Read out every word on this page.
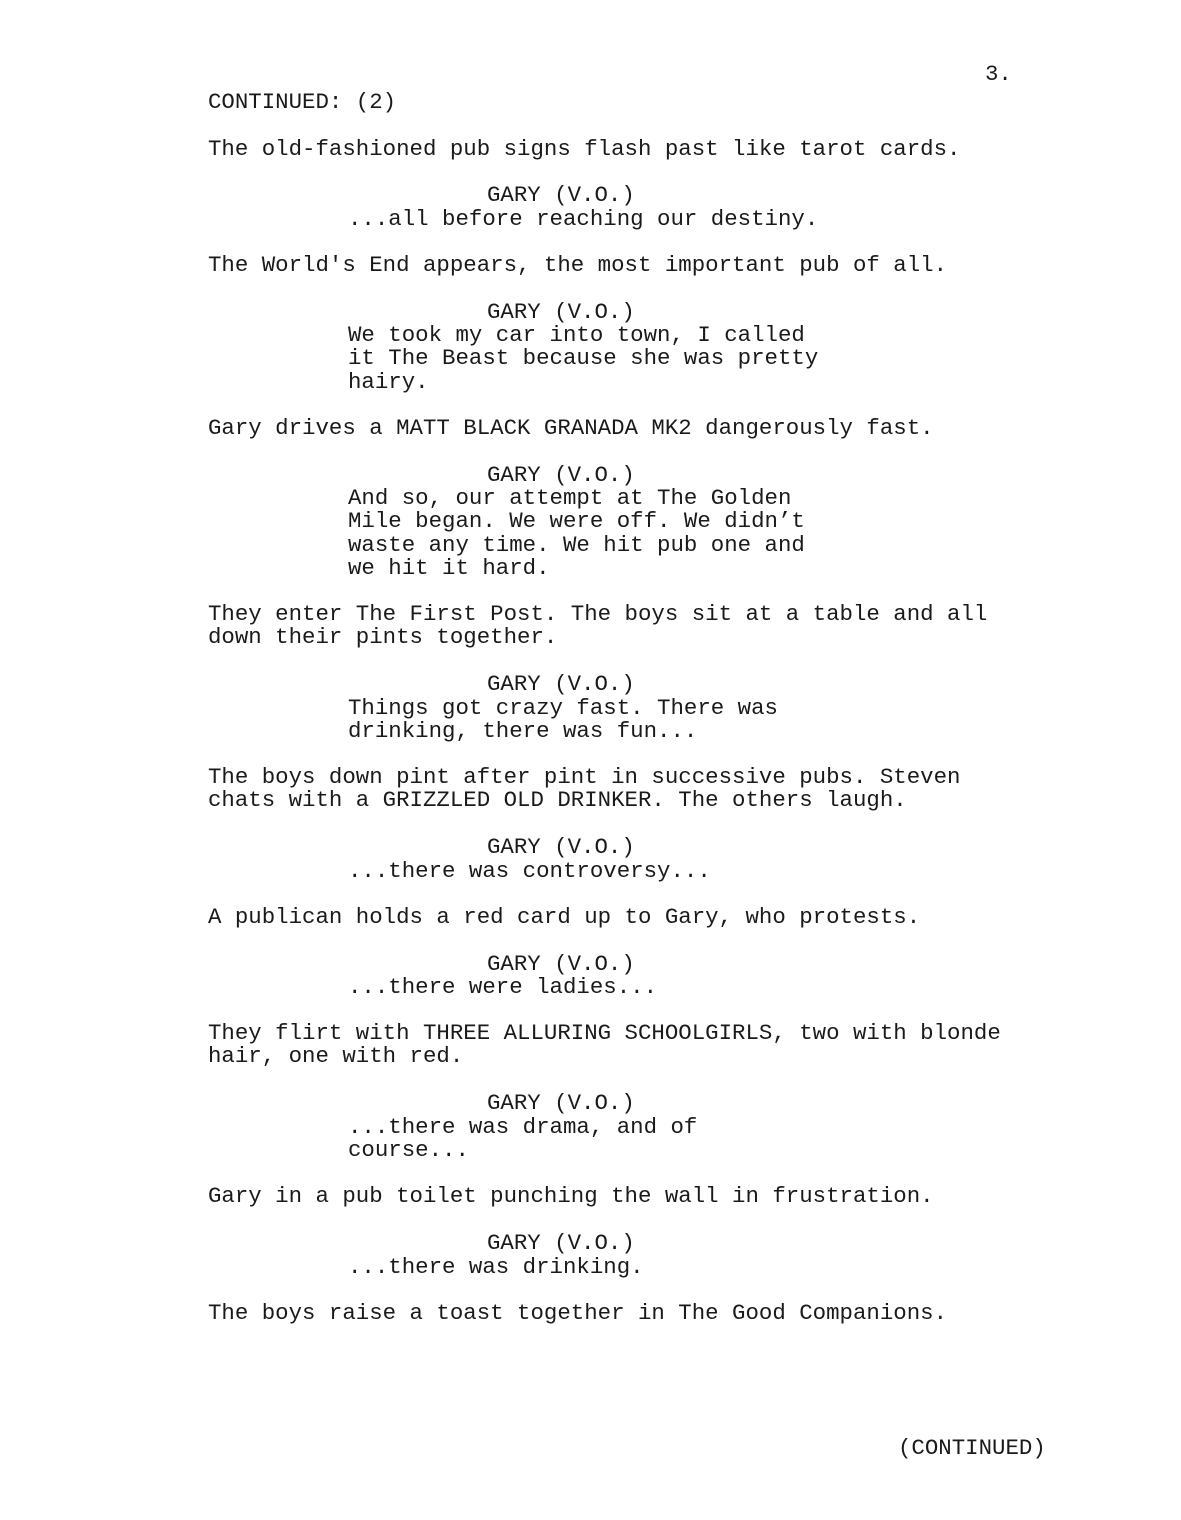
3.
CONTINUED: (2)
The old-fashioned pub signs flash past like tarot cards.
GARY (V.O.)
...all before reaching our destiny.
The World's End appears, the most important pub of all.
GARY (V.O.)
We took my car into town, I called
it The Beast because she was pretty
hairy.
Gary drives a MATT BLACK GRANADA MK2 dangerously fast.
GARY (V.O.)
And so, our attempt at The Golden
Mile began. We were off. We didn’t
waste any time. We hit pub one and
we hit it hard.
They enter The First Post. The boys sit at a table and all
down their pints together.
GARY (V.O.)
Things got crazy fast. There was
drinking, there was fun...
The boys down pint after pint in successive pubs. Steven
chats with a GRIZZLED OLD DRINKER. The others laugh.
GARY (V.O.)
...there was controversy...
A publican holds a red card up to Gary, who protests.
GARY (V.O.)
...there were ladies...
They flirt with THREE ALLURING SCHOOLGIRLS, two with blonde
hair, one with red.
GARY (V.O.)
...there was drama, and of
course...
Gary in a pub toilet punching the wall in frustration.
GARY (V.O.)
...there was drinking.
The boys raise a toast together in The Good Companions.
(CONTINUED)
